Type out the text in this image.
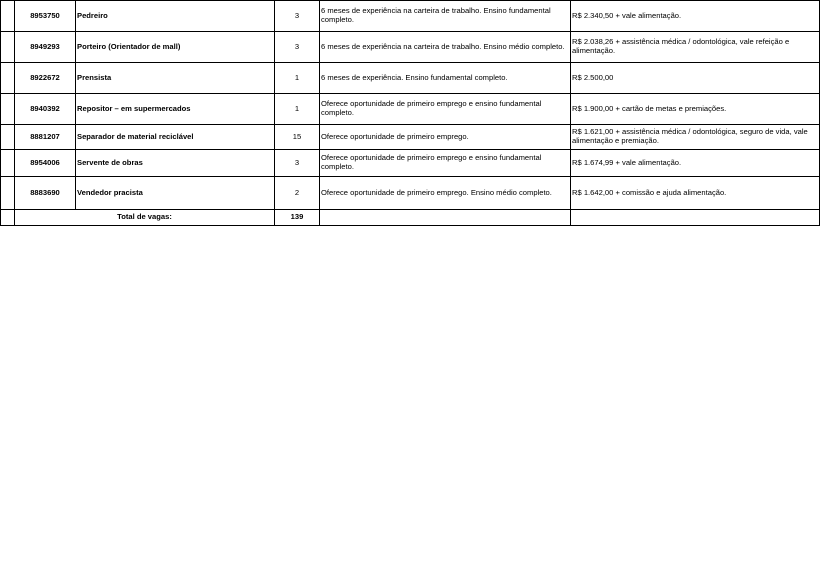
	8953750	Pedreiro	3	6 meses de experiência na carteira de trabalho. Ensino fundamental completo.	R$ 2.340,50 + vale alimentação.
	8949293	Porteiro (Orientador de mall)	3	6 meses de experiência na carteira de trabalho. Ensino médio completo.	R$ 2.038,26 + assistência médica / odontológica, vale refeição e alimentação.
	8922672	Prensista	1	6 meses de experiência. Ensino fundamental completo.	R$ 2.500,00
	8940392	Repositor – em supermercados	1	Oferece oportunidade de primeiro emprego e ensino fundamental completo.	R$ 1.900,00 + cartão de metas e premiações.
	8881207	Separador de material reciclável	15	Oferece oportunidade de primeiro emprego.	R$ 1.621,00 + assistência médica / odontológica, seguro de vida, vale alimentação e premiação.
	8954006	Servente de obras	3	Oferece oportunidade de primeiro emprego e ensino fundamental completo.	R$ 1.674,99 + vale alimentação.
	8883690	Vendedor pracista	2	Oferece oportunidade de primeiro emprego. Ensino médio completo.	R$ 1.642,00 + comissão e ajuda alimentação.
	Total de vagas:		139		
